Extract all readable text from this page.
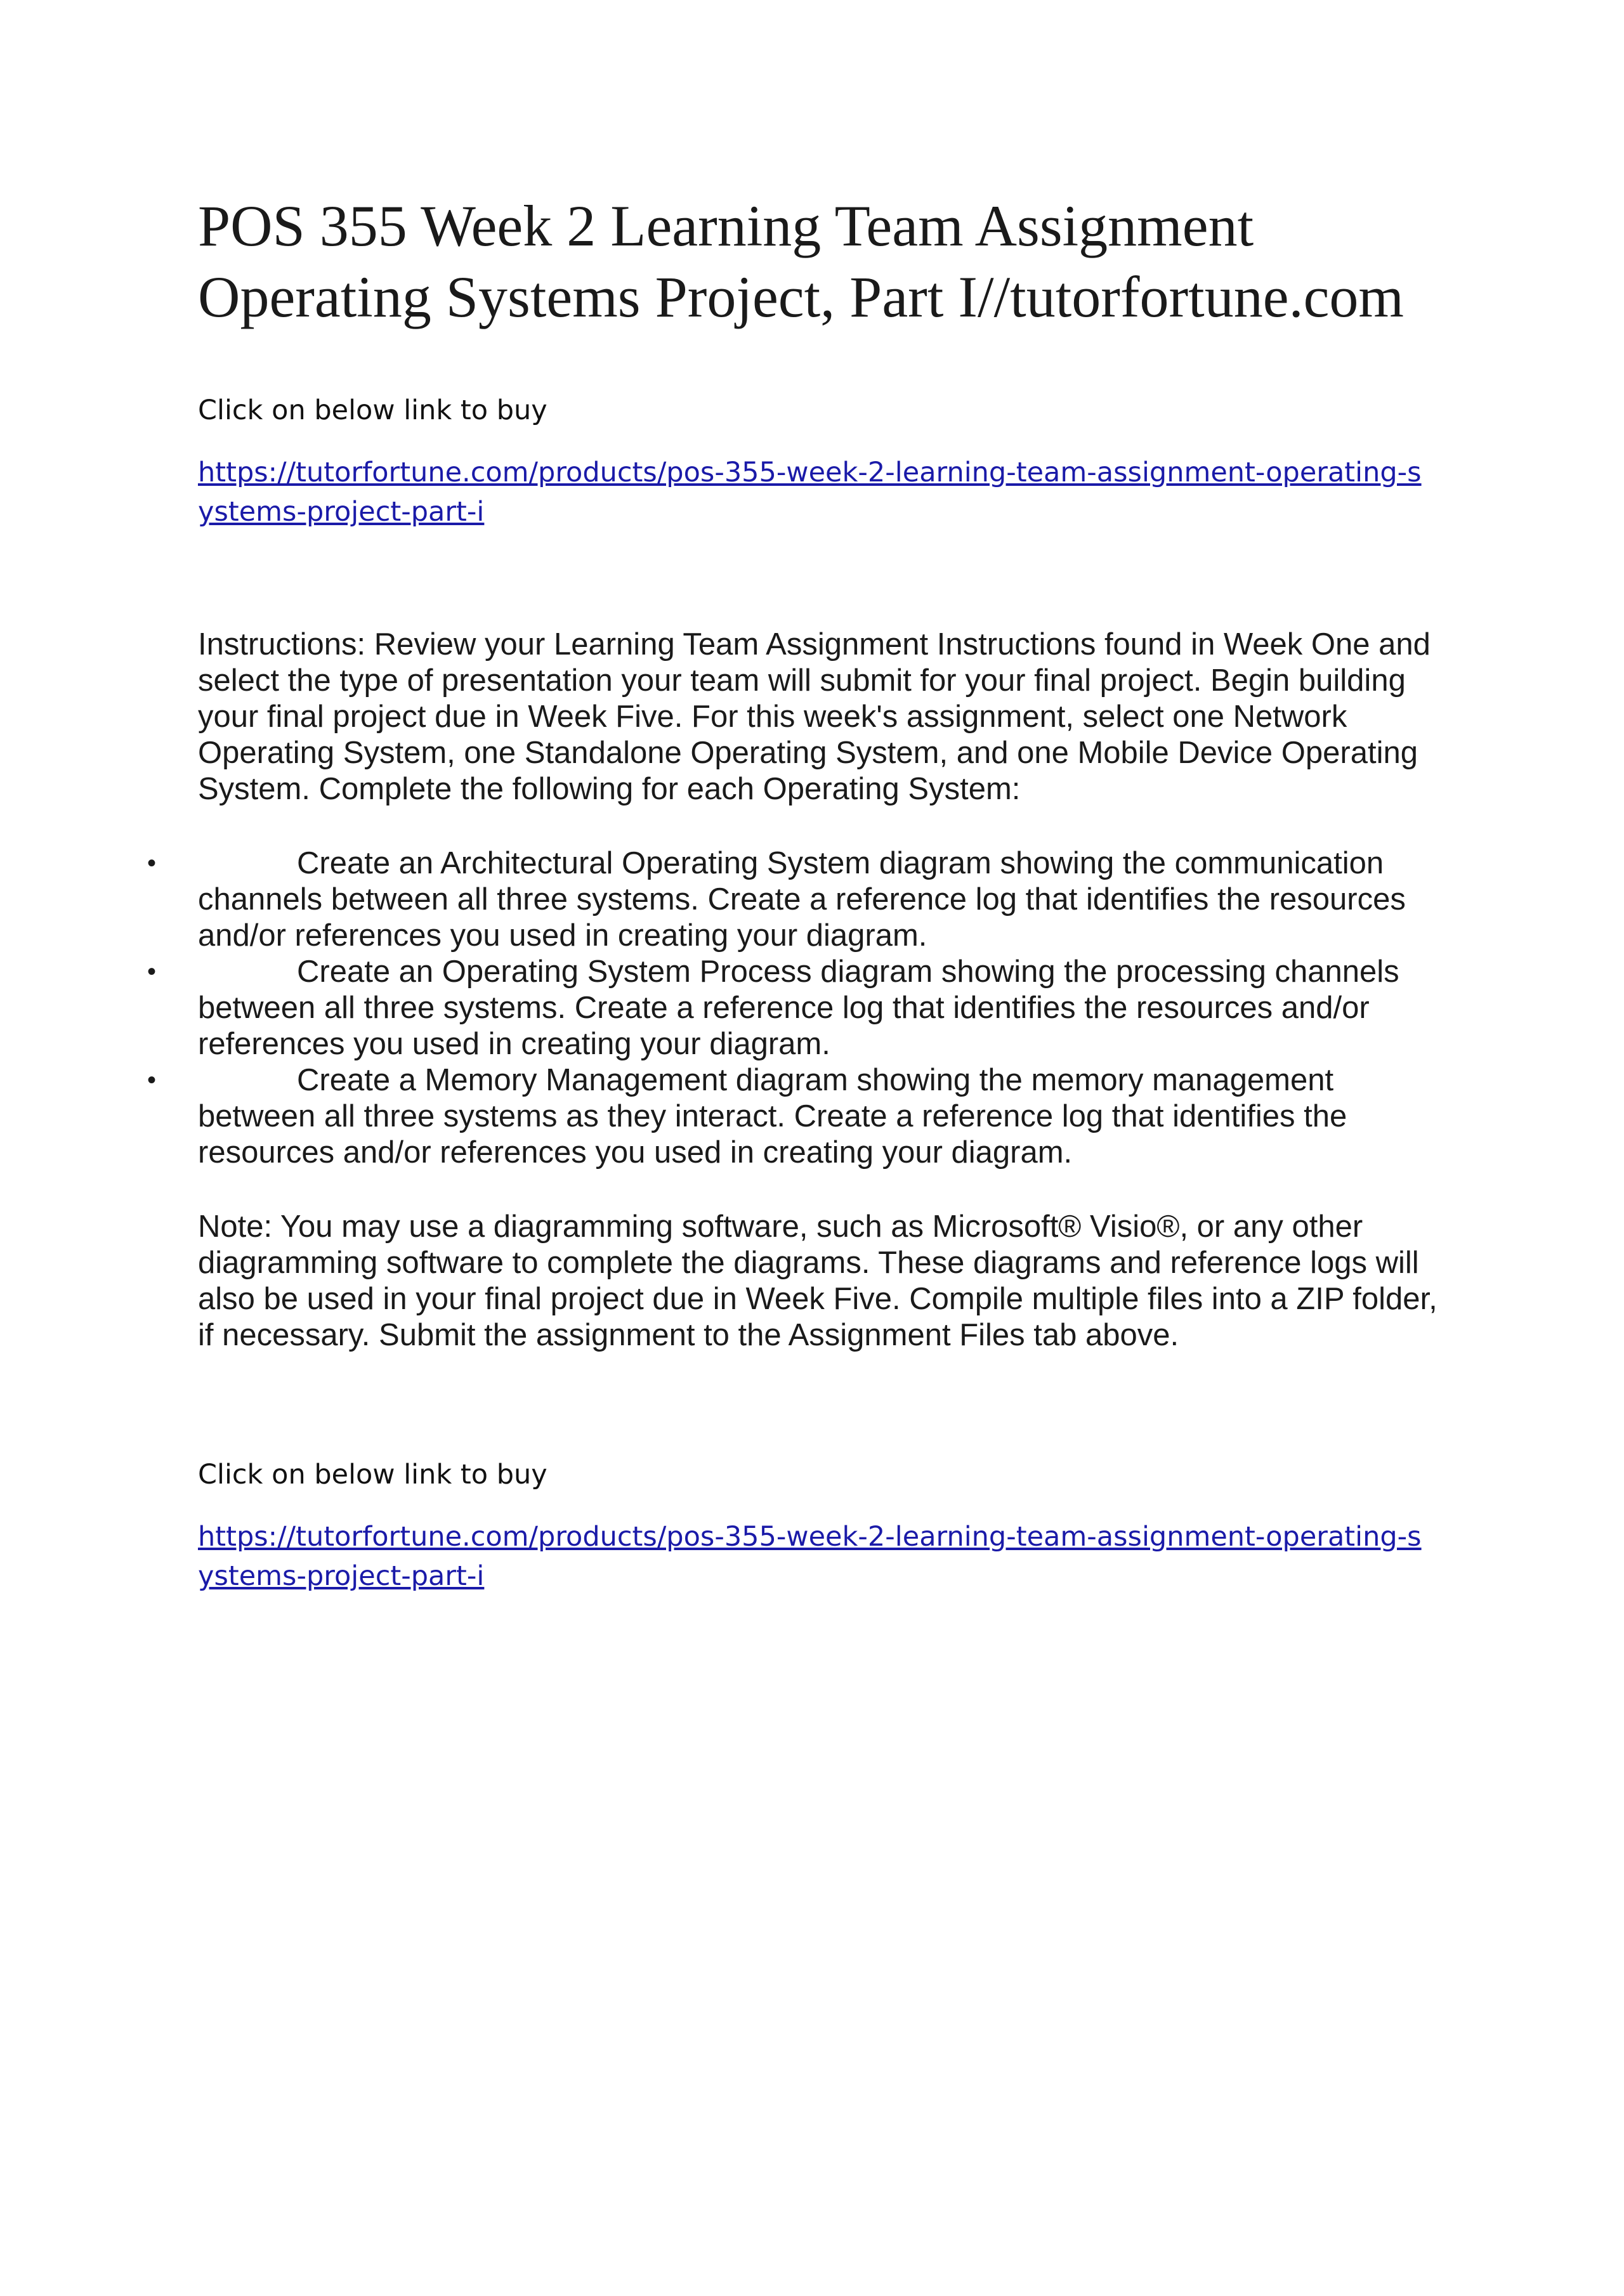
POS 355 Week 2 Learning Team Assignment Operating Systems Project, Part I//tutorfortune.com

Click on below link to buy

https://tutorfortune.com/products/pos-355-week-2-learning-team-assignment-operating-systems-project-part-i

Instructions: Review your Learning Team Assignment Instructions found in Week One and select the type of presentation your team will submit for your final project. Begin building your final project due in Week Five. For this week's assignment, select one Network Operating System, one Standalone Operating System, and one Mobile Device Operating System. Complete the following for each Operating System:

•	Create an Architectural Operating System diagram showing the communication channels between all three systems. Create a reference log that identifies the resources and/or references you used in creating your diagram.
•	Create an Operating System Process diagram showing the processing channels between all three systems. Create a reference log that identifies the resources and/or references you used in creating your diagram.
•	Create a Memory Management diagram showing the memory management between all three systems as they interact. Create a reference log that identifies the resources and/or references you used in creating your diagram.

Note: You may use a diagramming software, such as Microsoft® Visio®, or any other diagramming software to complete the diagrams. These diagrams and reference logs will also be used in your final project due in Week Five. Compile multiple files into a ZIP folder, if necessary. Submit the assignment to the Assignment Files tab above.

Click on below link to buy

https://tutorfortune.com/products/pos-355-week-2-learning-team-assignment-operating-systems-project-part-i
